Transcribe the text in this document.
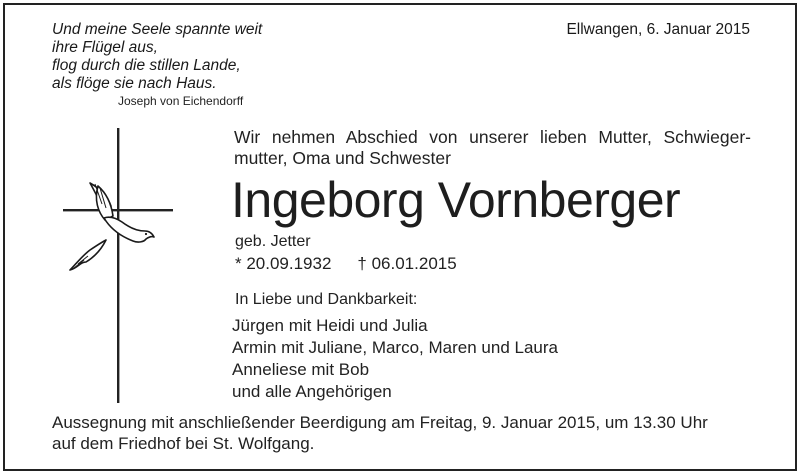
Und meine Seele spannte weit
ihre Flügel aus,
flog durch die stillen Lande,
als flöge sie nach Haus.
Joseph von Eichendorff
Ellwangen, 6. Januar 2015
Wir nehmen Abschied von unserer lieben Mutter, Schwieger-mutter, Oma und Schwester
Ingeborg Vornberger
geb. Jetter
* 20.09.1932 † 06.01.2015
In Liebe und Dankbarkeit:
Jürgen mit Heidi und Julia
Armin mit Juliane, Marco, Maren und Laura
Anneliese mit Bob
und alle Angehörigen
Aussegnung mit anschließender Beerdigung am Freitag, 9. Januar 2015, um 13.30 Uhr
auf dem Friedhof bei St. Wolfgang.
